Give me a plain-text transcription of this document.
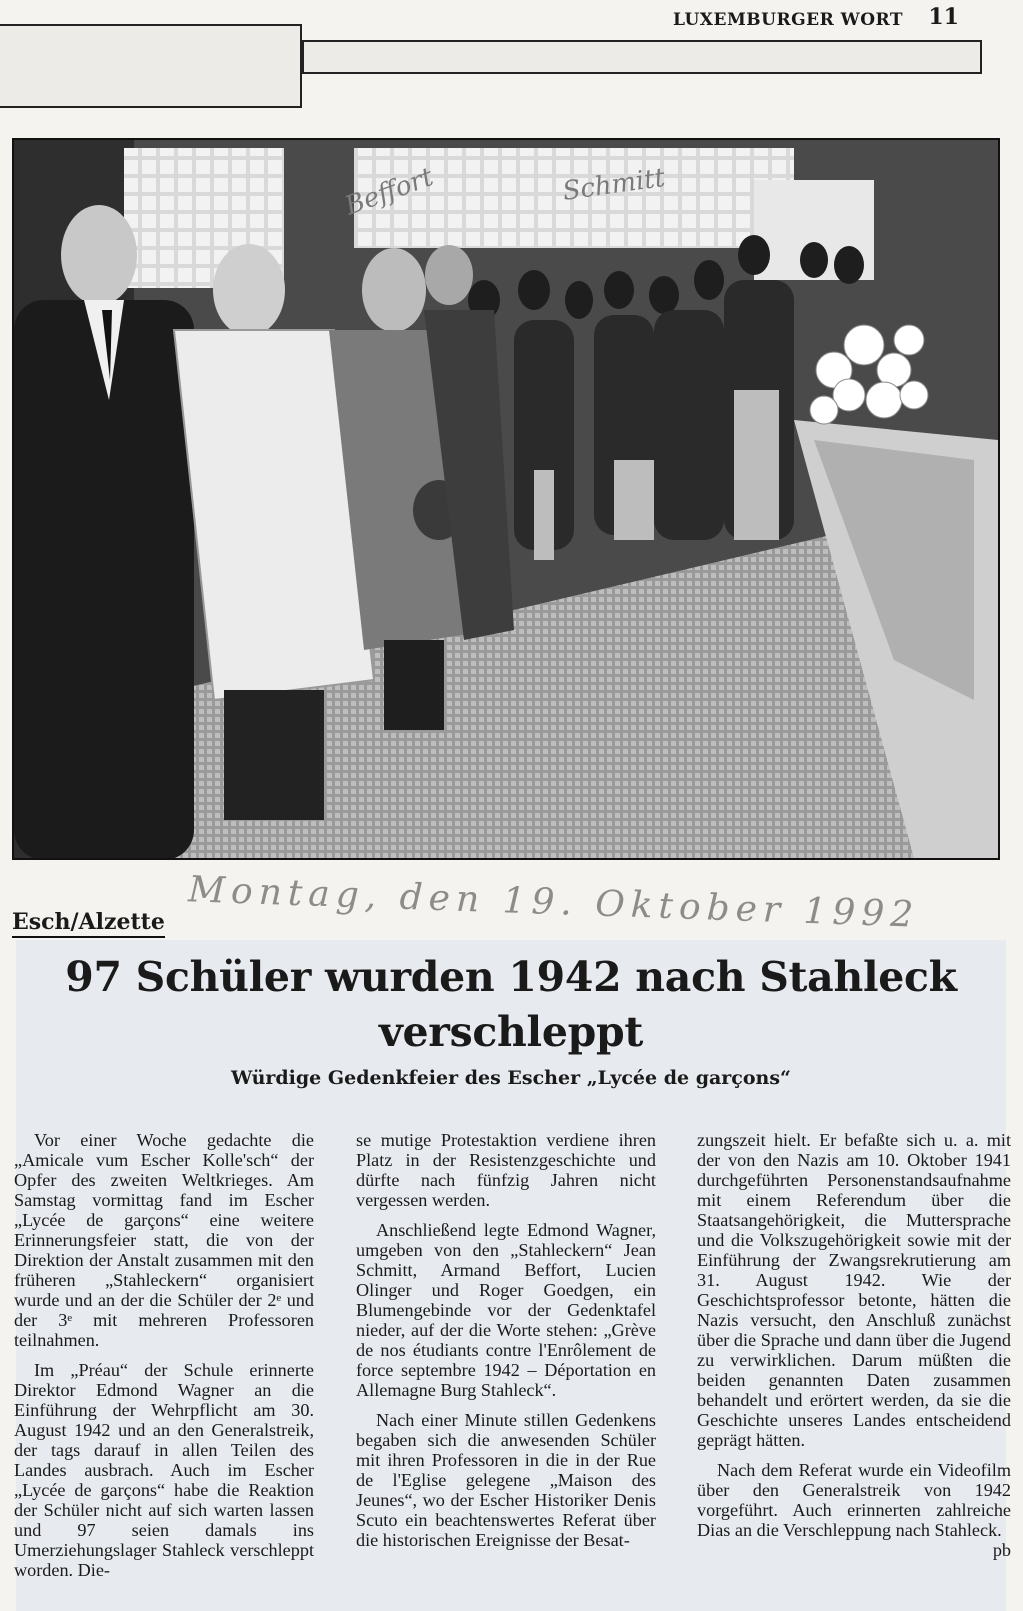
LUXEMBURGER WORT 11
Beffort	Schmitt
Montag, den 19. Oktober 1992
Esch/Alzette
97 Schüler wurden 1942 nach Stahleck
verschleppt
Würdige Gedenkfeier des Escher „Lycée de garçons“

Vor einer Woche gedachte die „Amicale vum Escher Kolle'sch“ der Opfer des zweiten Weltkrieges. Am Samstag vormittag fand im Escher „Lycée de garçons“ eine weitere Erinnerungsfeier statt, die von der Direktion der Anstalt zusammen mit den früheren „Stahleckern“ organisiert wurde und an der die Schüler der 2ᵉ und der 3ᵉ mit mehreren Professoren teilnahmen.

Im „Préau“ der Schule erinnerte Direktor Edmond Wagner an die Einführung der Wehrpflicht am 30. August 1942 und an den Generalstreik, der tags darauf in allen Teilen des Landes ausbrach. Auch im Escher „Lycée de garçons“ habe die Reaktion der Schüler nicht auf sich warten lassen und 97 seien damals ins Umerziehungslager Stahleck verschleppt worden. Die-

se mutige Protestaktion verdiene ihren Platz in der Resistenzgeschichte und dürfte nach fünfzig Jahren nicht vergessen werden.

Anschließend legte Edmond Wagner, umgeben von den „Stahleckern“ Jean Schmitt, Armand Beffort, Lucien Olinger und Roger Goedgen, ein Blumengebinde vor der Gedenktafel nieder, auf der die Worte stehen: „Grève de nos étudiants contre l'Enrôlement de force septembre 1942 – Déportation en Allemagne Burg Stahleck“.

Nach einer Minute stillen Gedenkens begaben sich die anwesenden Schüler mit ihren Professoren in die in der Rue de l'Eglise gelegene „Maison des Jeunes“, wo der Escher Historiker Denis Scuto ein beachtenswertes Referat über die historischen Ereignisse der Besat-

zungszeit hielt. Er befaßte sich u. a. mit der von den Nazis am 10. Oktober 1941 durchgeführten Personenstandsaufnahme mit einem Referendum über die Staatsangehörigkeit, die Muttersprache und die Volkszugehörigkeit sowie mit der Einführung der Zwangsrekrutierung am 31. August 1942. Wie der Geschichtsprofessor betonte, hätten die Nazis versucht, den Anschluß zunächst über die Sprache und dann über die Jugend zu verwirklichen. Darum müßten die beiden genannten Daten zusammen behandelt und erörtert werden, da sie die Geschichte unseres Landes entscheidend geprägt hätten.

Nach dem Referat wurde ein Videofilm über den Generalstreik von 1942 vorgeführt. Auch erinnerten zahlreiche Dias an die Verschleppung nach Stahleck.
pb
